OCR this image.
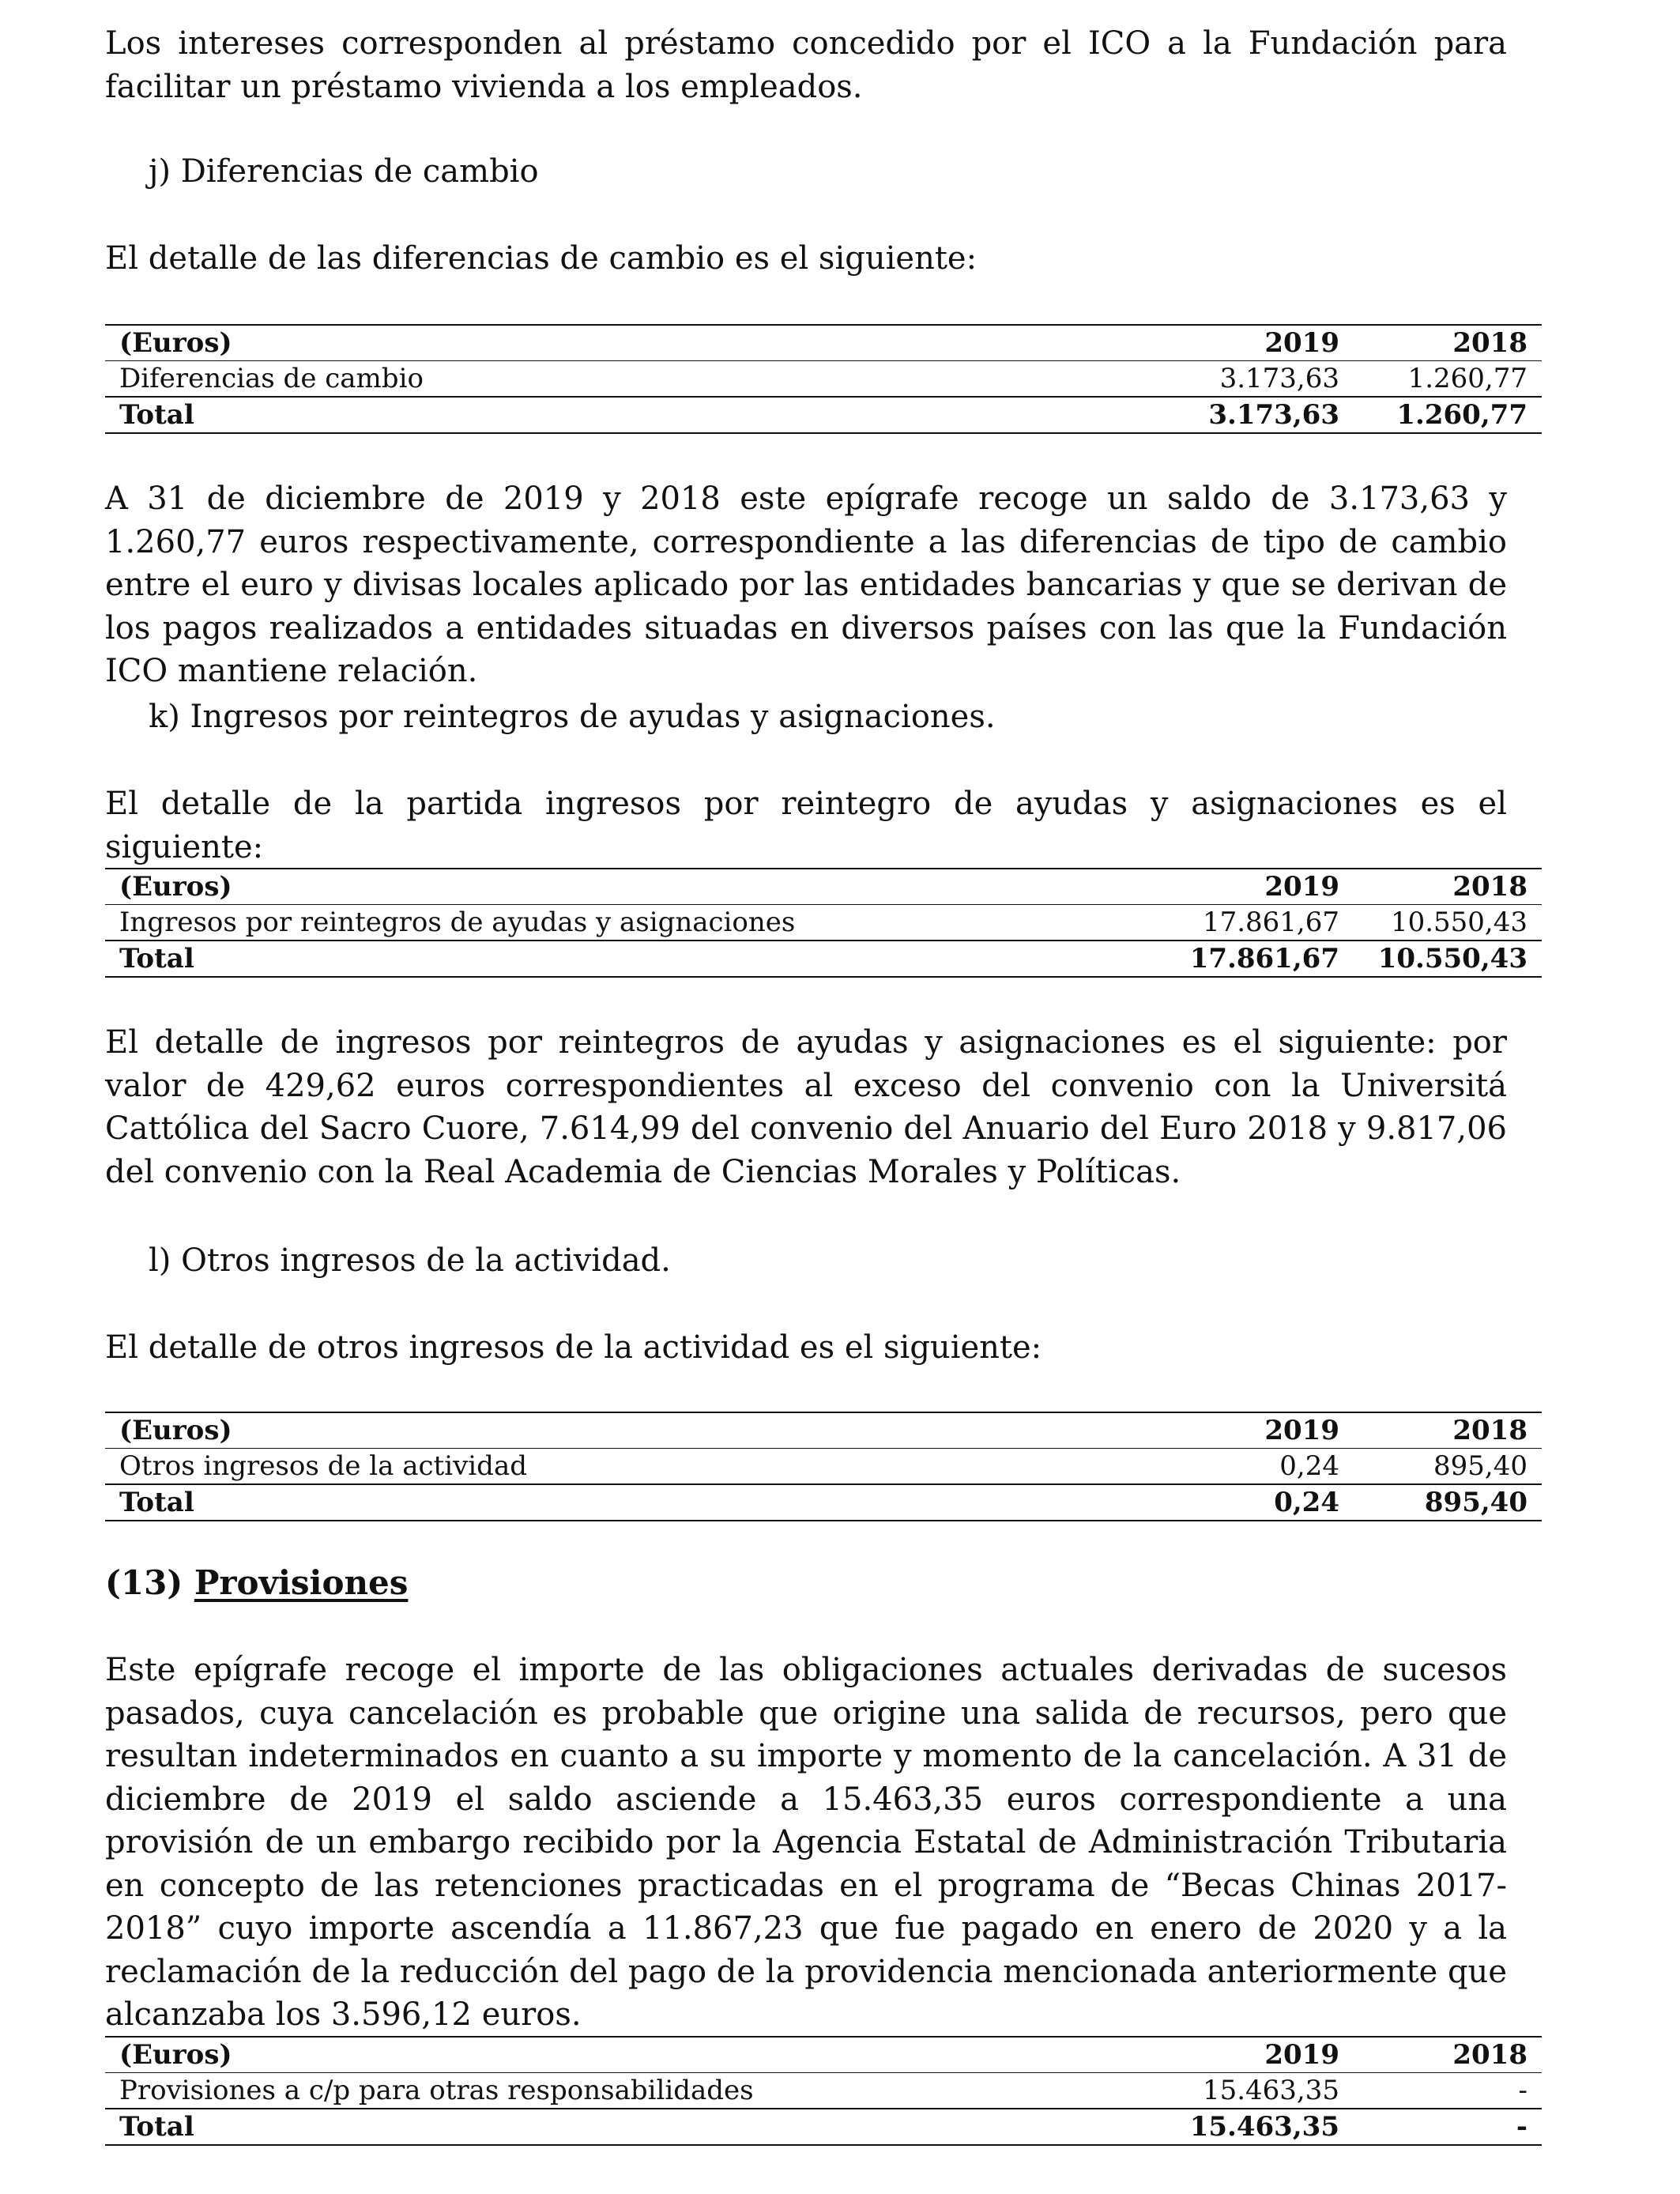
Los intereses corresponden al préstamo concedido por el ICO a la Fundación para facilitar un préstamo vivienda a los empleados.

j) Diferencias de cambio

El detalle de las diferencias de cambio es el siguiente:

(Euros)	2019	2018
Diferencias de cambio	3.173,63	1.260,77
Total	3.173,63	1.260,77

A 31 de diciembre de 2019 y 2018 este epígrafe recoge un saldo de 3.173,63 y 1.260,77 euros respectivamente, correspondiente a las diferencias de tipo de cambio entre el euro y divisas locales aplicado por las entidades bancarias y que se derivan de los pagos realizados a entidades situadas en diversos países con las que la Fundación ICO mantiene relación.

k) Ingresos por reintegros de ayudas y asignaciones.

El detalle de la partida ingresos por reintegro de ayudas y asignaciones es el siguiente:

(Euros)	2019	2018
Ingresos por reintegros de ayudas y asignaciones	17.861,67	10.550,43
Total	17.861,67	10.550,43

El detalle de ingresos por reintegros de ayudas y asignaciones es el siguiente: por valor de 429,62 euros correspondientes al exceso del convenio con la Universitá Cattólica del Sacro Cuore, 7.614,99 del convenio del Anuario del Euro 2018 y 9.817,06 del convenio con la Real Academia de Ciencias Morales y Políticas.

l) Otros ingresos de la actividad.

El detalle de otros ingresos de la actividad es el siguiente:

(Euros)	2019	2018
Otros ingresos de la actividad	0,24	895,40
Total	0,24	895,40
(13) Provisiones

Este epígrafe recoge el importe de las obligaciones actuales derivadas de sucesos pasados, cuya cancelación es probable que origine una salida de recursos, pero que resultan indeterminados en cuanto a su importe y momento de la cancelación. A 31 de diciembre de 2019 el saldo asciende a 15.463,35 euros correspondiente a una provisión de un embargo recibido por la Agencia Estatal de Administración Tributaria en concepto de las retenciones practicadas en el programa de “Becas Chinas 2017-2018” cuyo importe ascendía a 11.867,23 que fue pagado en enero de 2020 y a la reclamación de la reducción del pago de la providencia mencionada anteriormente que alcanzaba los 3.596,12 euros.

(Euros)	2019	2018
Provisiones a c/p para otras responsabilidades	15.463,35	-
Total	15.463,35	-
